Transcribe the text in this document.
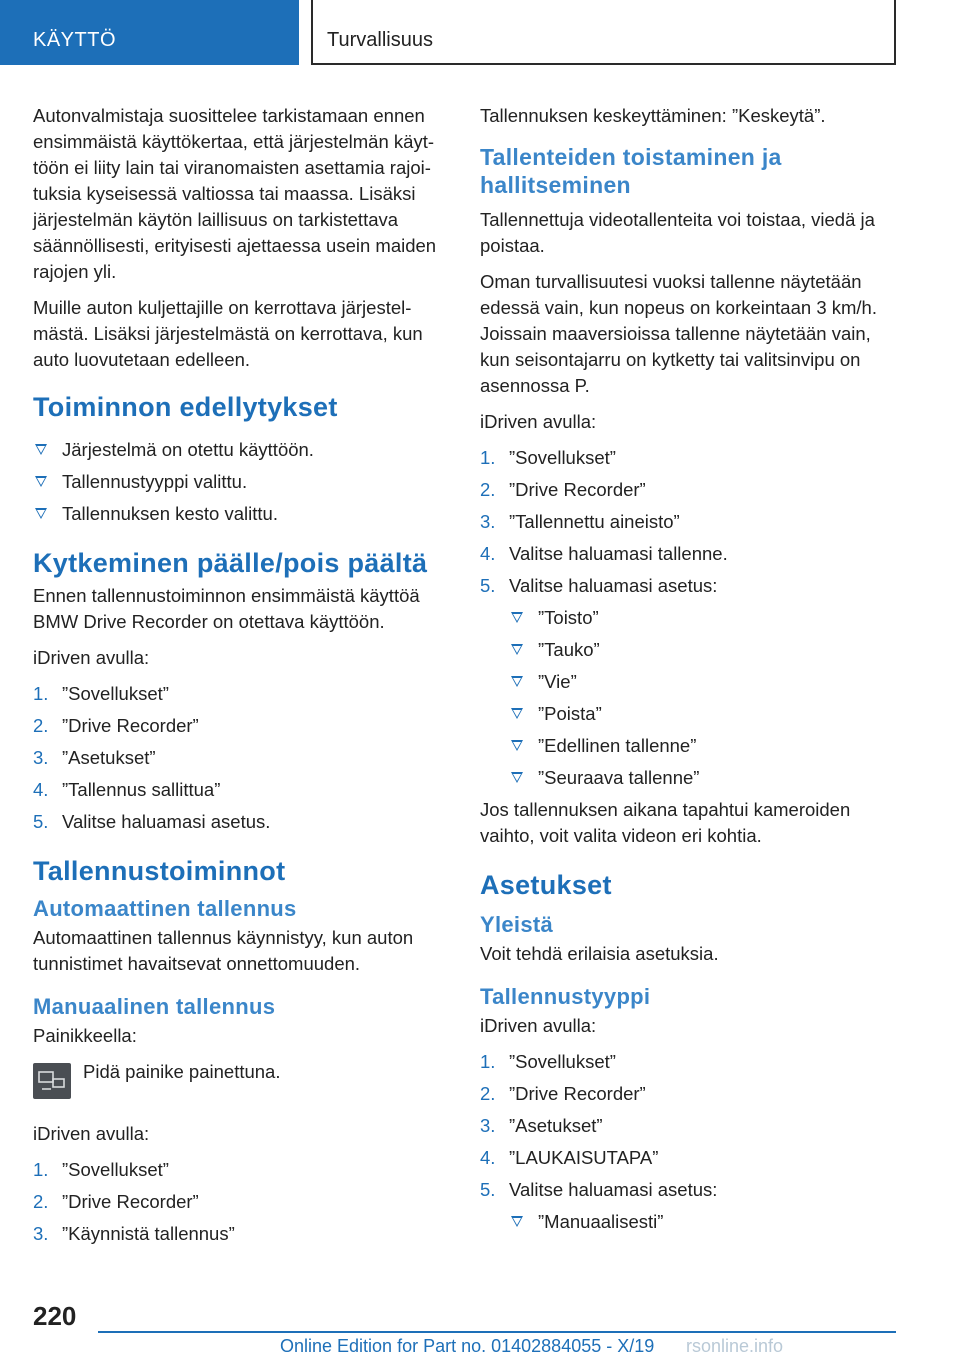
KÄYTTÖ	Turvallisuus

Autonvalmistaja suosittelee tarkistamaan ennen ensimmäistä käyttökertaa, että järjestelmän käyt-töön ei liity lain tai viranomaisten asettamia rajoi-tuksia kyseisessä valtiossa tai maassa. Lisäksi järjestelmän käytön laillisuus on tarkistettava säännöllisesti, erityisesti ajettaessa usein maiden rajojen yli.

Muille auton kuljettajille on kerrottava järjestel-mästä. Lisäksi järjestelmästä on kerrottava, kun auto luovutetaan edelleen.

Toiminnon edellytykset
Järjestelmä on otettu käyttöön.
Tallennustyyppi valittu.
Tallennuksen kesto valittu.
Kytkeminen päälle/pois päältä

Ennen tallennustoiminnon ensimmäistä käyttöä BMW Drive Recorder on otettava käyttöön.

iDriven avulla:

1. ”Sovellukset”
2. ”Drive Recorder”
3. ”Asetukset”
4. ”Tallennus sallittua”
5. Valitse haluamasi asetus.
Tallennustoiminnot
Automaattinen tallennus

Automaattinen tallennus käynnistyy, kun auton tunnistimet havaitsevat onnettomuuden.

Manuaalinen tallennus

Painikkeella:

Pidä painike painettuna.

iDriven avulla:

1. ”Sovellukset”
2. ”Drive Recorder”
3. ”Käynnistä tallennus”

Tallennuksen keskeyttäminen: ”Keskeytä”.

Tallenteiden toistaminen ja hallitseminen

Tallennettuja videotallenteita voi toistaa, viedä ja poistaa.

Oman turvallisuutesi vuoksi tallenne näytetään edessä vain, kun nopeus on korkeintaan 3 km/h. Joissain maaversioissa tallenne näytetään vain, kun seisontajarru on kytketty tai valitsinvipu on asennossa P.

iDriven avulla:

1. ”Sovellukset”
2. ”Drive Recorder”
3. ”Tallennettu aineisto”
4. Valitse haluamasi tallenne.
5. Valitse haluamasi asetus:
”Toisto”
”Tauko”
”Vie”
”Poista”
”Edellinen tallenne”
”Seuraava tallenne”

Jos tallennuksen aikana tapahtui kameroiden vaihto, voit valita videon eri kohtia.

Asetukset
Yleistä

Voit tehdä erilaisia asetuksia.

Tallennustyyppi

iDriven avulla:

1. ”Sovellukset”
2. ”Drive Recorder”
3. ”Asetukset”
4. ”LAUKAISUTAPA”
5. Valitse haluamasi asetus:
”Manuaalisesti”
220
Online Edition for Part no. 01402884055 - X/19 rsonline.info
